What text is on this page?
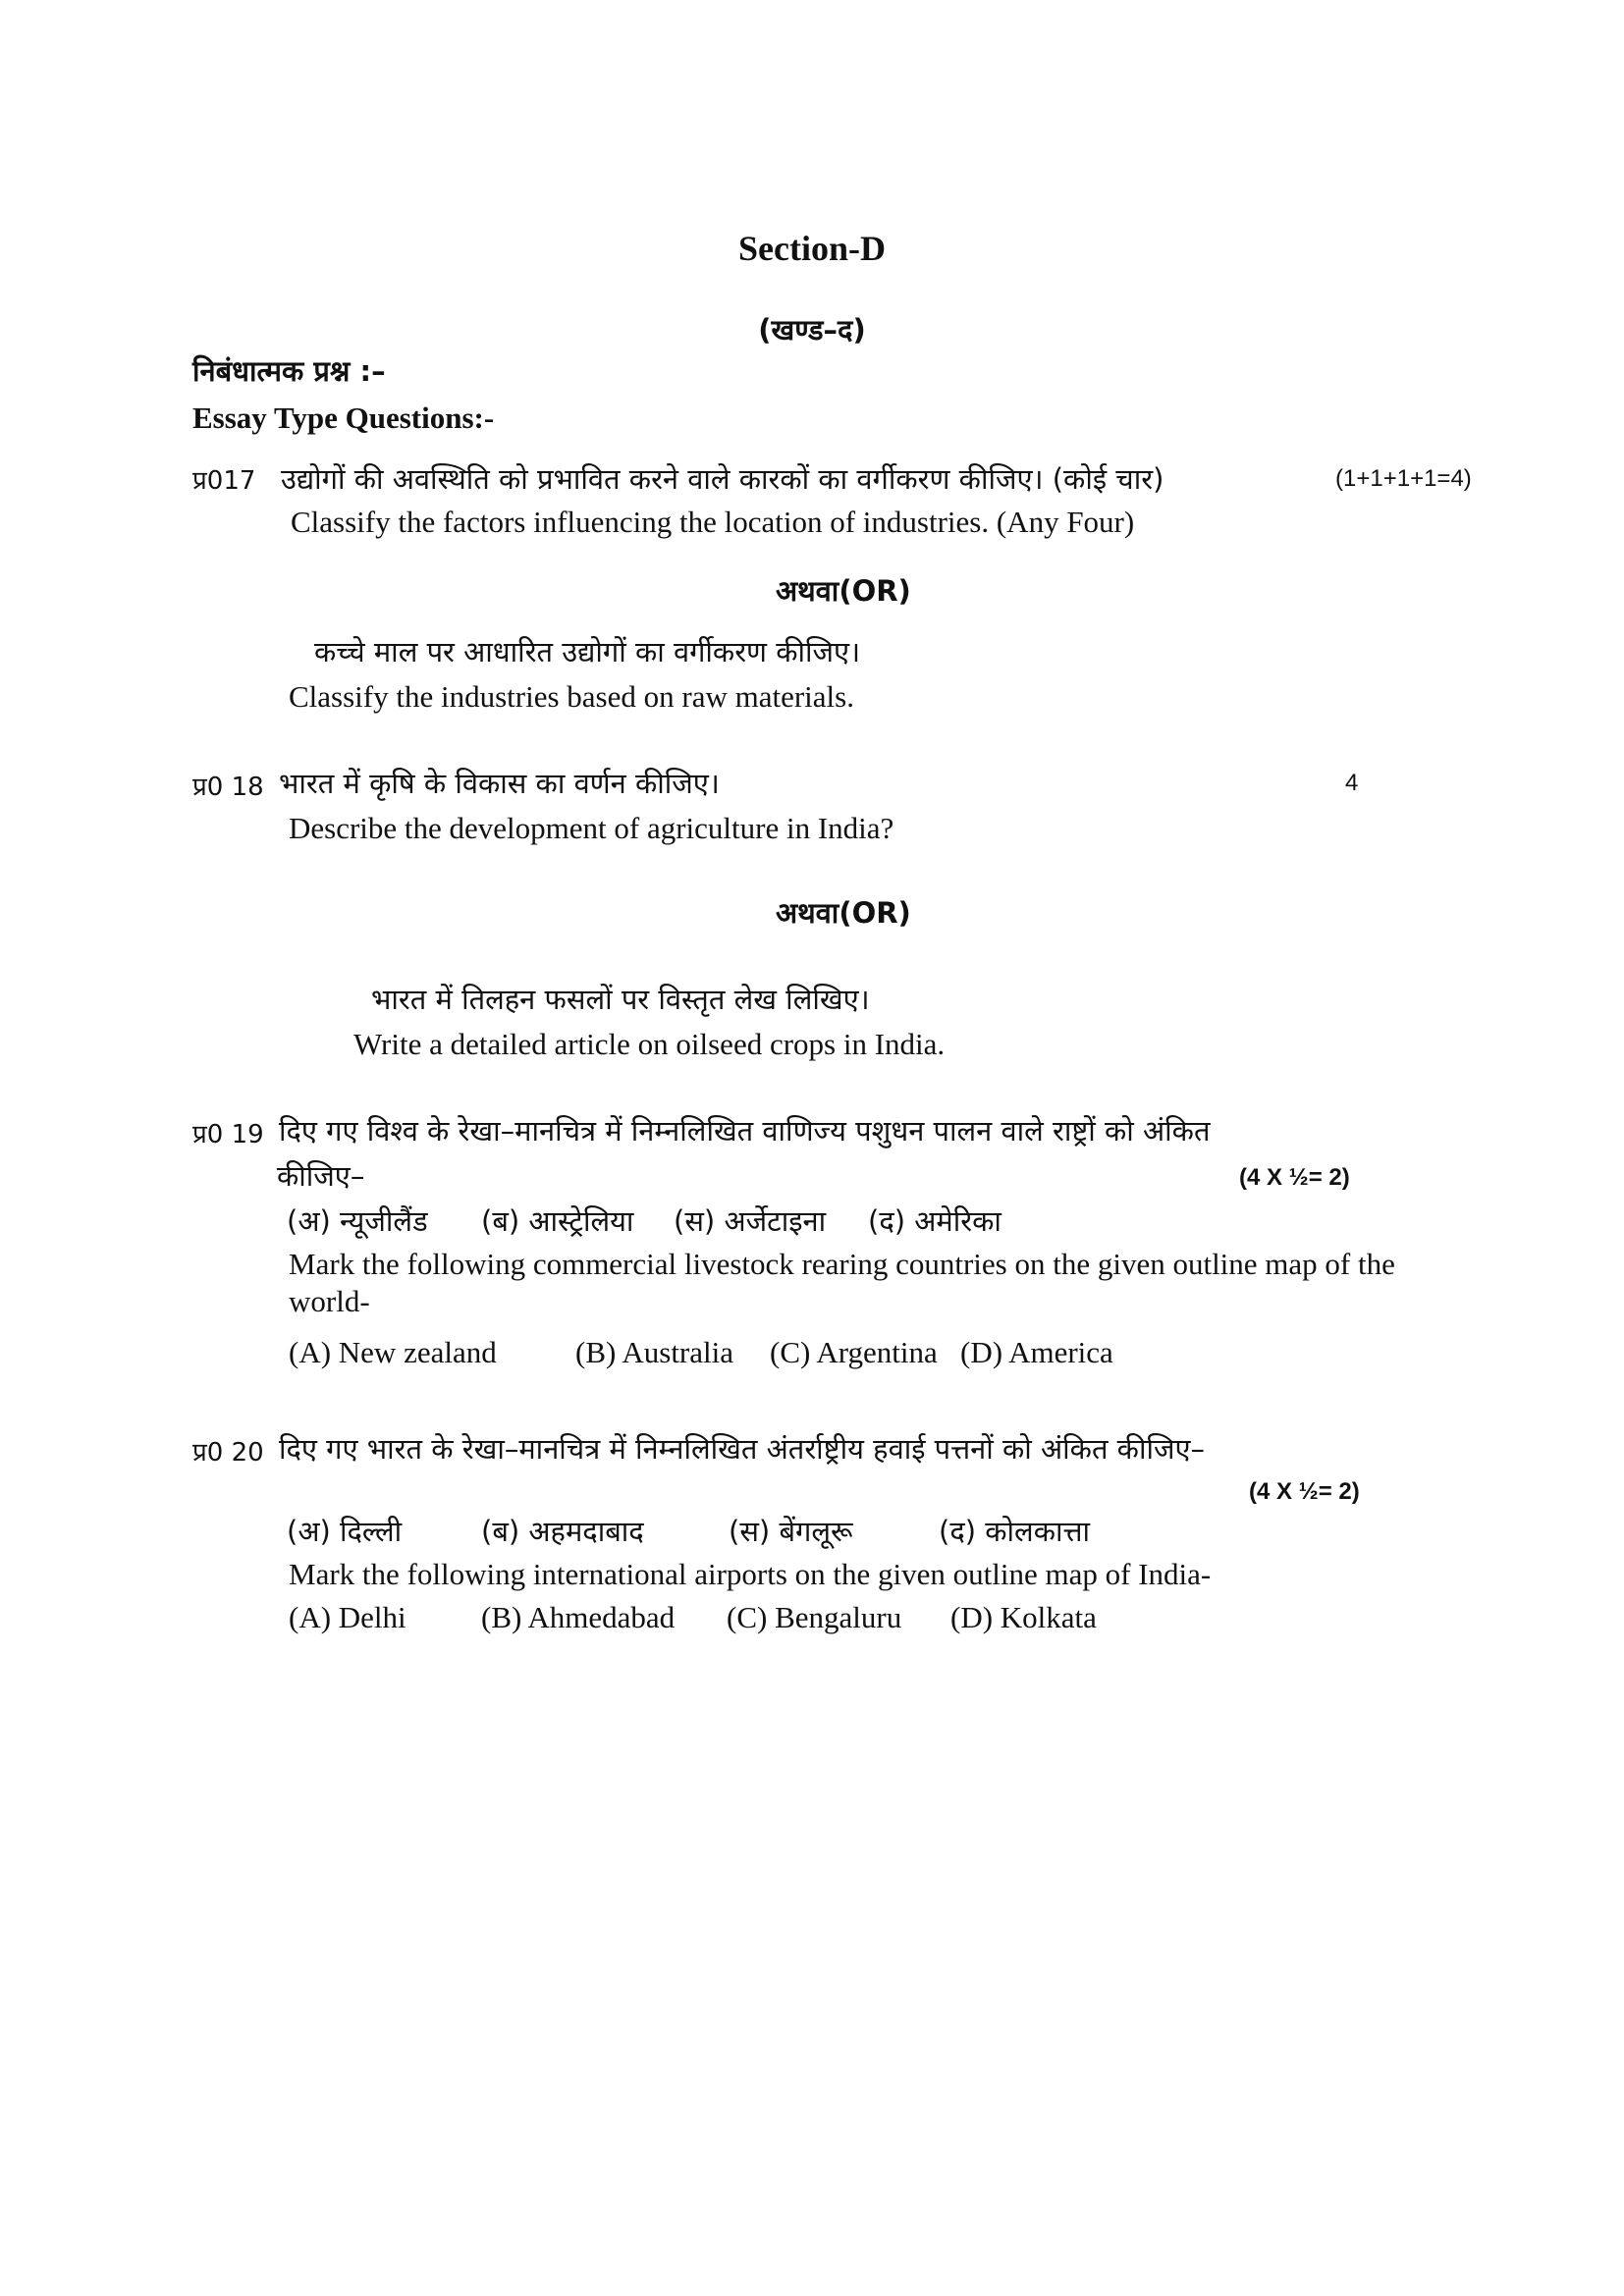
Section-D
(खण्ड–द)
निबंधात्मक प्रश्न :–
Essay Type Questions:-
प्र017 उद्योगों की अवस्थिति को प्रभावित करने वाले कारकों का वर्गीकरण कीजिए। (कोई चार)	(1+1+1+1=4)
Classify the factors influencing the location of industries. (Any Four)
अथवा(OR)
कच्चे माल पर आधारित उद्योगों का वर्गीकरण कीजिए।
Classify the industries based on raw materials.
प्र0 18 भारत में कृषि के विकास का वर्णन कीजिए।	4
Describe the development of agriculture in India?
अथवा(OR)
भारत में तिलहन फसलों पर विस्तृत लेख लिखिए।
Write a detailed article on oilseed crops in India.
प्र0 19 दिए गए विश्व के रेखा–मानचित्र में निम्नलिखित वाणिज्य पशुधन पालन वाले राष्ट्रों को अंकित
कीजिए–	(4 X ½= 2)
(अ) न्यूजीलैंड (ब) आस्ट्रेलिया (स) अर्जेटाइना (द) अमेरिका
Mark the following commercial livestock rearing countries on the given outline map of the
world-
(A) New zealand	(B) Australia (C) Argentina (D) America
प्र0 20 दिए गए भारत के रेखा–मानचित्र में निम्नलिखित अंतर्राष्ट्रीय हवाई पत्तनों को अंकित कीजिए–
(4 X ½= 2)
(अ) दिल्ली	(ब) अहमदाबाद	(स) बेंगलूरू	(द) कोलकात्ता
Mark the following international airports on the given outline map of India-
(A) Delhi (B) Ahmedabad (C) Bengaluru (D) Kolkata
